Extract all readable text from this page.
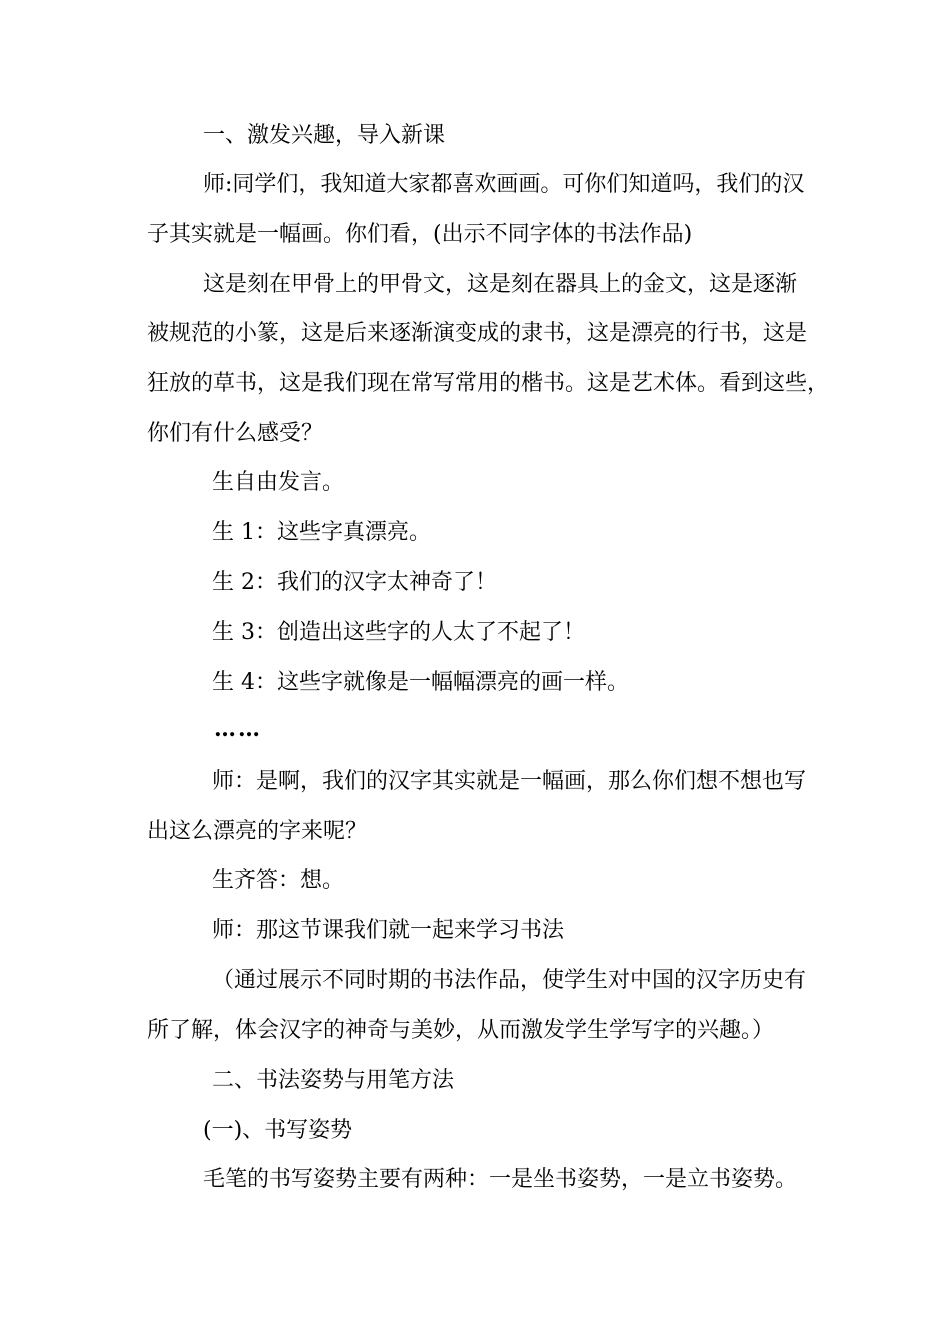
一、激发兴趣，导入新课
师:同学们，我知道大家都喜欢画画。可你们知道吗，我们的汉
子其实就是一幅画。你们看，(出示不同字体的书法作品)
这是刻在甲骨上的甲骨文，这是刻在器具上的金文，这是逐渐
被规范的小篆，这是后来逐渐演变成的隶书，这是漂亮的行书，这是
狂放的草书，这是我们现在常写常用的楷书。这是艺术体。看到这些，
你们有什么感受？
生自由发言。
生 1：这些字真漂亮。
生 2：我们的汉字太神奇了！
生 3：创造出这些字的人太了不起了！
生 4：这些字就像是一幅幅漂亮的画一样。
……
师：是啊，我们的汉字其实就是一幅画，那么你们想不想也写
出这么漂亮的字来呢？
生齐答：想。
师：那这节课我们就一起来学习书法
（通过展示不同时期的书法作品，使学生对中国的汉字历史有
所了解，体会汉字的神奇与美妙，从而激发学生学写字的兴趣。）
二、书法姿势与用笔方法
(一)、书写姿势
毛笔的书写姿势主要有两种：一是坐书姿势，一是立书姿势。
